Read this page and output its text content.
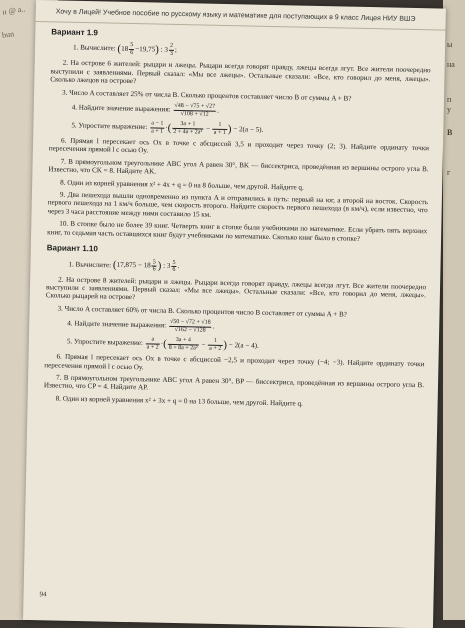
ɪɪ @ a..
bun
ы
на
п
у
В
г
Хочу в Лицей! Учебное пособие по русскому языку и математике для поступающих в 9 класс Лицея НИУ ВШЭ
Вариант 1.9
1. Вычислите: $(18 \frac{5}{6} -19,75)$ : $3 \frac{2}{3}$ ;
2. На острове 6 жителей: рыцари и лжецы. Рыцари всегда говорят правду, лжецы всегда лгут. Все жители поочередно выступили с заявлениями. Первый сказал: «Мы все лжецы». Остальные сказали: «Все, кто говорил до меня, лжецы». Сколько лжецов на острове?
3. Число A составляет 25% от числа B. Сколько процентов составляет число B от суммы A + B?
4. Найдите значение выражения: $\frac{√48 - √75 + √27}{√108 + √12}$ .
5. Упростите выражение: $\frac{a - 1}{a + 1}$ ·( $\frac{3a + 1}{\text{2 + 4a + 2a²}} - \frac{1}{a + 1}$ ) − 2(a − 5).
6. Прямая l пересекает ось Ox в точке с абсциссой 3,5 и проходит через точку (2; 3). Найдите ординату точки пересечения прямой l с осью Oy.
7. В прямоугольном треугольнике ABC угол A равен 30°, BK — биссектриса, проведённая из вершины острого угла B. Известно, что CK = 8. Найдите AK.
8. Один из корней уравнения x² + 4x + q = 0 на 8 больше, чем другой. Найдите q.
9. Два пешехода вышли одновременно из пункта A и отправились в путь: первый на юг, а второй на восток. Скорость первого пешехода на 1 км/ч больше, чем скорость второго. Найдите скорость первого пешехода (в км/ч), если известно, что через 3 часа расстояние между ними составило 15 км.
10. В стопке было не более 39 книг. Четверть книг в стопке были учебниками по математике. Если убрать пять верхних книг, то седьмая часть оставшихся книг будут учебниками по математике. Сколько книг было в стопке?
Вариант 1.10
1. Вычислите: ($17,875 - 18 \frac{5}{6}$ ) : $3 \frac{5}{6}$ .
2. На острове 8 жителей: рыцари и лжецы. Рыцари всегда говорят правду, лжецы всегда лгут. Все жители поочередно выступили с заявлениями. Первый сказал: «Мы все лжецы». Остальные сказали: «Все, кто говорил до меня, лжецы». Сколько рыцарей на острове?
3. Число A составляет 60% от числа B. Сколько процентов число B составляет от суммы A + B?
4. Найдите значение выражения: $\frac{√50 - √72 + √18}{√162 - √128}$ .
5. Упростите выражение: $\frac{a}{a + 2}$ ·( $\frac{3a + 4}{\text{8 + 8a + 2a²}} - \frac{1}{a + 2}$ ) − 2(a − 4).
6. Прямая l пересекает ось Ox в точке с абсциссой −2,5 и проходит через точку (−4; −3). Найдите ординату точки пересечения прямой l с осью Oy.
7. В прямоугольном треугольнике ABC угол A равен 30°, BP — биссектриса, проведённая из вершины острого угла B. Известно, что CP = 4. Найдите AP.
8. Один из корней уравнения x² + 3x + q = 0 на 13 больше, чем другой. Найдите q.
94
